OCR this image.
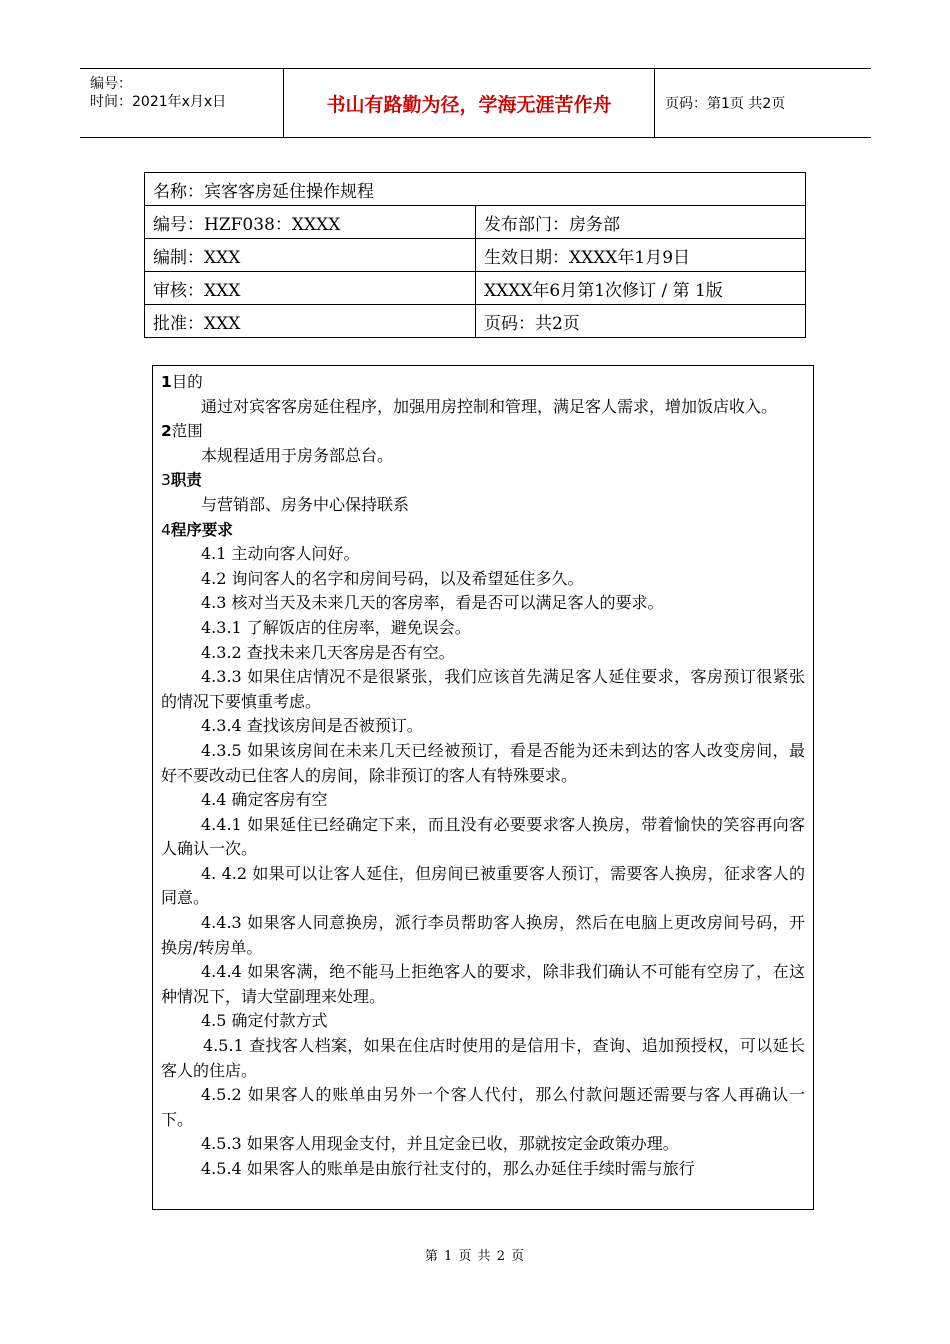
编号：
时间：2021年x月x日	书山有路勤为径，学海无涯苦作舟	页码：第1页 共2页
名称：宾客客房延住操作规程	
编号：HZF038：XXXX	发布部门：房务部
编制：XXX	生效日期：XXXX年1月9日
审核：XXX	XXXX年6月第1次修订 / 第 1版
批准：XXX	页码：共2页

1目的

通过对宾客客房延住程序，加强用房控制和管理，满足客人需求，增加饭店收入。

2范围

本规程适用于房务部总台。

3职责

与营销部、房务中心保持联系

4程序要求

4.1 主动向客人问好。

4.2 询问客人的名字和房间号码，以及希望延住多久。

4.3 核对当天及未来几天的客房率，看是否可以满足客人的要求。

4.3.1 了解饭店的住房率，避免误会。

4.3.2 查找未来几天客房是否有空。

4.3.3 如果住店情况不是很紧张，我们应该首先满足客人延住要求，客房预订很紧张的情况下要慎重考虑。

4.3.4 查找该房间是否被预订。

4.3.5 如果该房间在未来几天已经被预订，看是否能为还未到达的客人改变房间，最好不要改动已住客人的房间，除非预订的客人有特殊要求。

4.4 确定客房有空

4.4.1 如果延住已经确定下来，而且没有必要要求客人换房，带着愉快的笑容再向客人确认一次。

4. 4.2 如果可以让客人延住，但房间已被重要客人预订，需要客人换房，征求客人的同意。

4.4.3 如果客人同意换房，派行李员帮助客人换房，然后在电脑上更改房间号码，开换房/转房单。

4.4.4 如果客满，绝不能马上拒绝客人的要求，除非我们确认不可能有空房了，在这种情况下，请大堂副理来处理。

4.5 确定付款方式

4.5.1 查找客人档案，如果在住店时使用的是信用卡，查询、追加预授权，可以延长客人的住店。

4.5.2 如果客人的账单由另外一个客人代付，那么付款问题还需要与客人再确认一下。

4.5.3 如果客人用现金支付，并且定金已收，那就按定金政策办理。

4.5.4 如果客人的账单是由旅行社支付的，那么办延住手续时需与旅行

第 1 页 共 2 页
